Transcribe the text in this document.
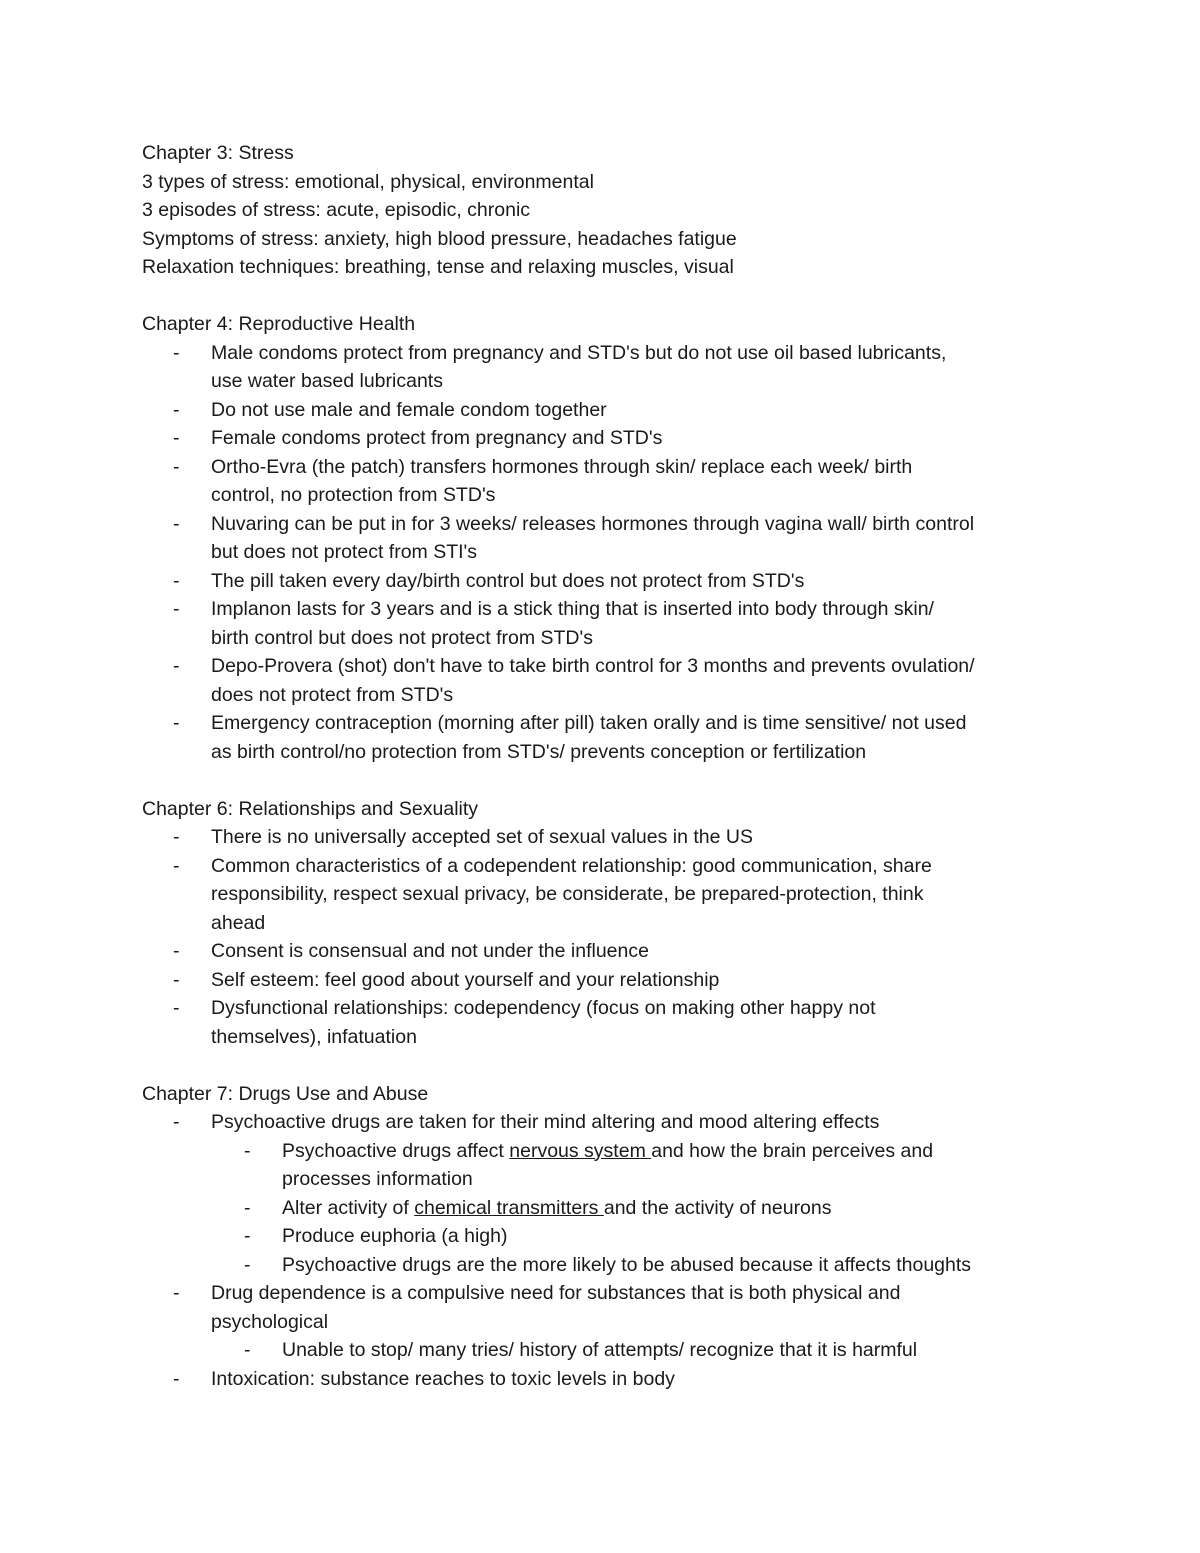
Chapter 3: Stress

3 types of stress: emotional, physical, environmental

3 episodes of stress: acute, episodic, chronic

Symptoms of stress: anxiety, high blood pressure, headaches fatigue

Relaxation techniques: breathing, tense and relaxing muscles, visual

Chapter 4: Reproductive Health

- Male condoms protect from pregnancy and STD's but do not use oil based lubricants,
use water based lubricants
- Do not use male and female condom together
- Female condoms protect from pregnancy and STD's
- Ortho-Evra (the patch) transfers hormones through skin/ replace each week/ birth
control, no protection from STD's
- Nuvaring can be put in for 3 weeks/ releases hormones through vagina wall/ birth control
but does not protect from STI's
- The pill taken every day/birth control but does not protect from STD's
- Implanon lasts for 3 years and is a stick thing that is inserted into body through skin/
birth control but does not protect from STD's
- Depo-Provera (shot) don't have to take birth control for 3 months and prevents ovulation/
does not protect from STD's
- Emergency contraception (morning after pill) taken orally and is time sensitive/ not used
as birth control/no protection from STD's/ prevents conception or fertilization

Chapter 6: Relationships and Sexuality

- There is no universally accepted set of sexual values in the US
- Common characteristics of a codependent relationship: good communication, share
responsibility, respect sexual privacy, be considerate, be prepared-protection, think
ahead
- Consent is consensual and not under the influence
- Self esteem: feel good about yourself and your relationship
- Dysfunctional relationships: codependency (focus on making other happy not
themselves), infatuation

Chapter 7: Drugs Use and Abuse

- Psychoactive drugs are taken for their mind altering and mood altering effects
- Psychoactive drugs affect nervous system and how the brain perceives and
processes information
- Alter activity of chemical transmitters and the activity of neurons
- Produce euphoria (a high)
- Psychoactive drugs are the more likely to be abused because it affects thoughts
- Drug dependence is a compulsive need for substances that is both physical and
psychological
- Unable to stop/ many tries/ history of attempts/ recognize that it is harmful
- Intoxication: substance reaches to toxic levels in body
